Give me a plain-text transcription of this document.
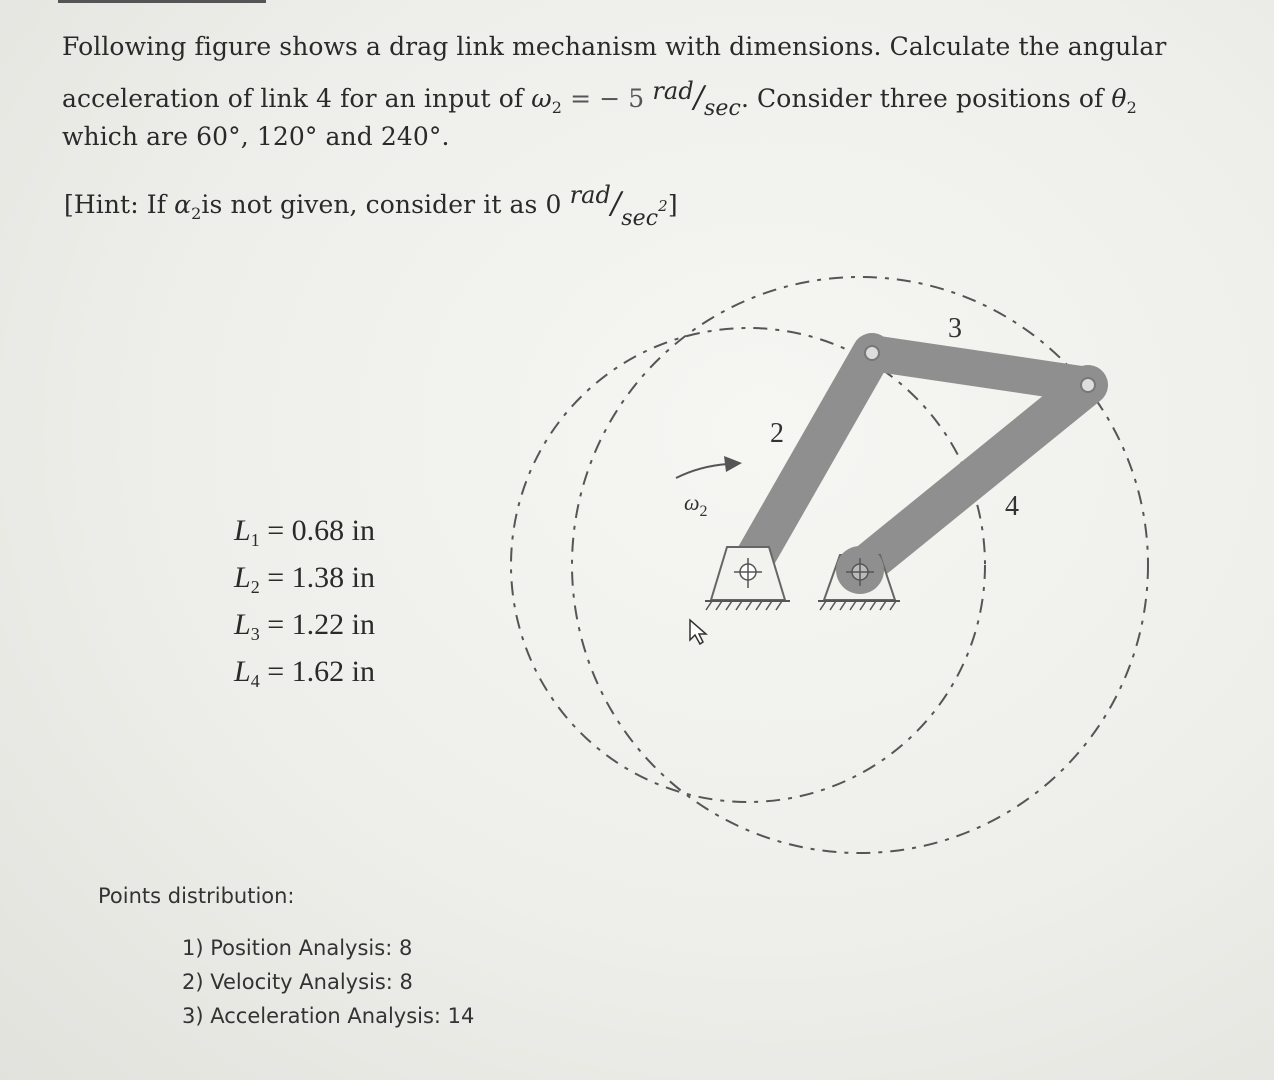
Following figure shows a drag link mechanism with dimensions. Calculate the angular
acceleration of link 4 for an input of $\omega_2$ = − 5 rad/sec. Consider three positions of $\theta_2$
which are 60°, 120° and 240°.
[Hint: If $\alpha_2is$ not given, consider it as 0 rad/sec2]
$L_1 = 0.68$ in
$L_2 = 1.38$ in
$L_3 = 1.22$ in
$L_4 = 1.62$ in
2
3
4
$\omega_2$
Points distribution:
1) Position Analysis: 8
2) Velocity Analysis: 8
3) Acceleration Analysis: 14
